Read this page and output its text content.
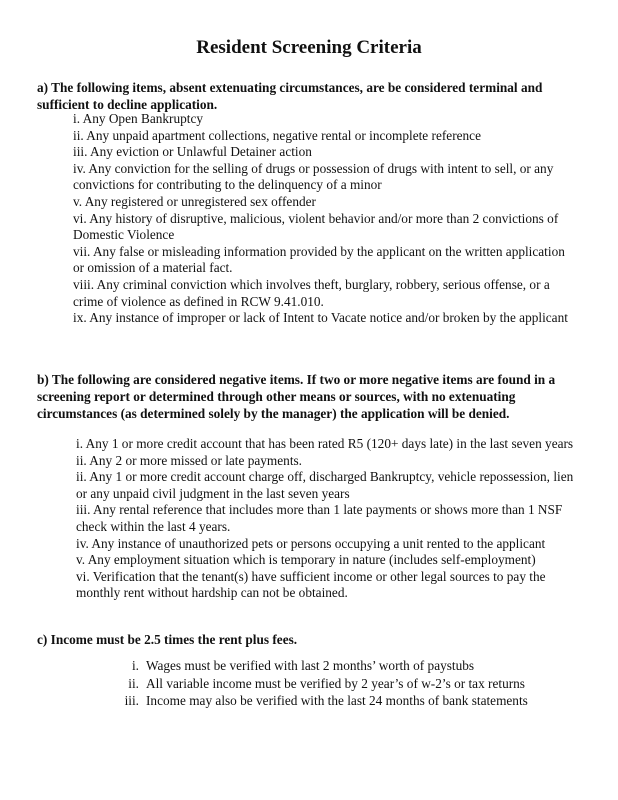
Resident Screening Criteria
a) The following items, absent extenuating circumstances, are be considered terminal and sufficient to decline application.
i. Any Open Bankruptcy
ii. Any unpaid apartment collections, negative rental or incomplete reference
iii. Any eviction or Unlawful Detainer action
iv. Any conviction for the selling of drugs or possession of drugs with intent to sell, or any convictions for contributing to the delinquency of a minor
v. Any registered or unregistered sex offender
vi. Any history of disruptive, malicious, violent behavior and/or more than 2 convictions of Domestic Violence
vii. Any false or misleading information provided by the applicant on the written application or omission of a material fact.
viii. Any criminal conviction which involves theft, burglary, robbery, serious offense, or a crime of violence as defined in RCW 9.41.010.
ix. Any instance of improper or lack of Intent to Vacate notice and/or broken by the applicant
b) The following are considered negative items. If two or more negative items are found in a screening report or determined through other means or sources, with no extenuating circumstances (as determined solely by the manager) the application will be denied.
i. Any 1 or more credit account that has been rated R5 (120+ days late) in the last seven years
ii. Any 2 or more missed or late payments.
ii. Any 1 or more credit account charge off, discharged Bankruptcy, vehicle repossession, lien or any unpaid civil judgment in the last seven years
iii. Any rental reference that includes more than 1 late payments or shows more than 1 NSF check within the last 4 years.
iv. Any instance of unauthorized pets or persons occupying a unit rented to the applicant
v. Any employment situation which is temporary in nature (includes self-employment)
vi. Verification that the tenant(s) have sufficient income or other legal sources to pay the monthly rent without hardship can not be obtained.
c) Income must be 2.5 times the rent plus fees.
i. Wages must be verified with last 2 months’ worth of paystubs
ii. All variable income must be verified by 2 year’s of w-2’s or tax returns
iii. Income may also be verified with the last 24 months of bank statements
